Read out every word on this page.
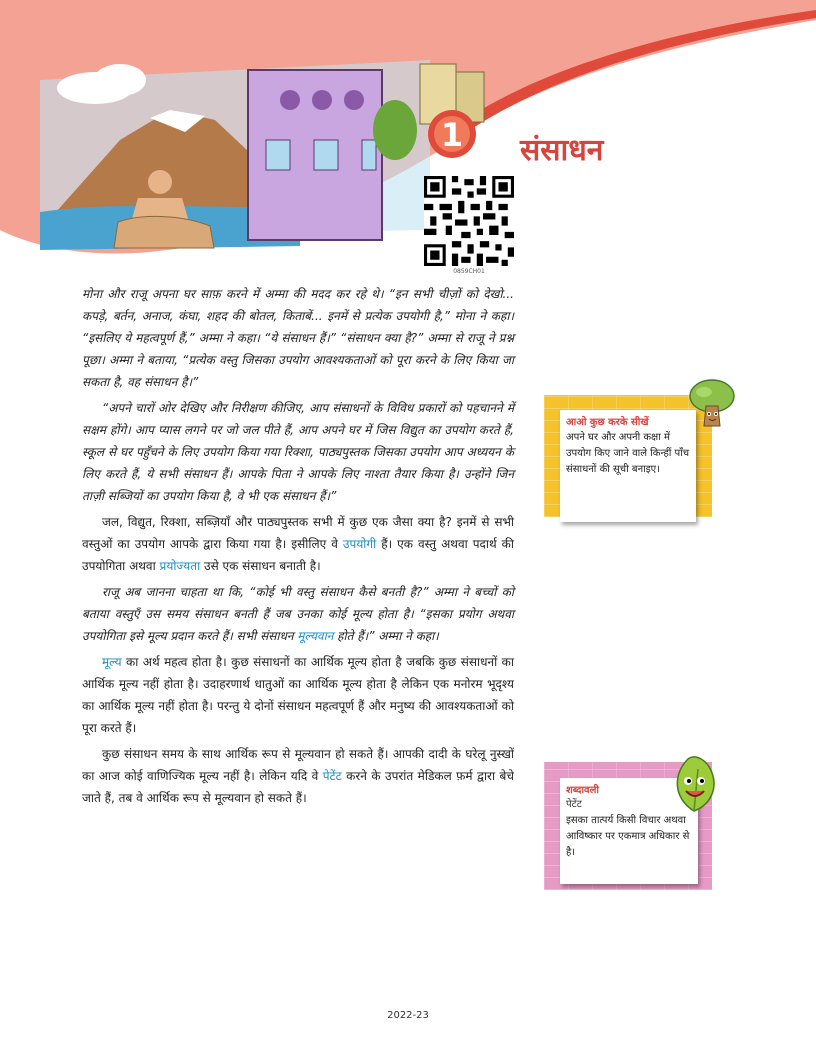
1 संसाधन
0859CH01

मोना और राजू अपना घर साफ़ करने में अम्मा की मदद कर रहे थे। “इन सभी चीज़ों को देखो... कपड़े, बर्तन, अनाज, कंघा, शहद की बोतल, किताबें... इनमें से प्रत्येक उपयोगी है,” मोना ने कहा। “इसलिए ये महत्वपूर्ण हैं,” अम्मा ने कहा। “ये संसाधन हैं।” “संसाधन क्या है?” अम्मा से राजू ने प्रश्न पूछा। अम्मा ने बताया, “प्रत्येक वस्तु जिसका उपयोग आवश्यकताओं को पूरा करने के लिए किया जा सकता है, वह संसाधन है।”

“अपने चारों ओर देखिए और निरीक्षण कीजिए, आप संसाधनों के विविध प्रकारों को पहचानने में सक्षम होंगे। आप प्यास लगने पर जो जल पीते हैं, आप अपने घर में जिस विद्युत का उपयोग करते हैं, स्कूल से घर पहुँचने के लिए उपयोग किया गया रिक्शा, पाठ्यपुस्तक जिसका उपयोग आप अध्ययन के लिए करते हैं, ये सभी संसाधन हैं। आपके पिता ने आपके लिए नाश्ता तैयार किया है। उन्होंने जिन ताज़ी सब्जियों का उपयोग किया है, वे भी एक संसाधन हैं।”

जल, विद्युत, रिक्शा, सब्ज़ियाँ और पाठ्यपुस्तक सभी में कुछ एक जैसा क्या है? इनमें से सभी वस्तुओं का उपयोग आपके द्वारा किया गया है। इसीलिए वे उपयोगी हैं। एक वस्तु अथवा पदार्थ की उपयोगिता अथवा प्रयोज्यता उसे एक संसाधन बनाती है।

राजू अब जानना चाहता था कि, “कोई भी वस्तु संसाधन कैसे बनती है?” अम्मा ने बच्चों को बताया वस्तुएँ उस समय संसाधन बनती हैं जब उनका कोई मूल्य होता है। “इसका प्रयोग अथवा उपयोगिता इसे मूल्य प्रदान करते हैं। सभी संसाधन मूल्यवान होते हैं।” अम्मा ने कहा।

मूल्य का अर्थ महत्व होता है। कुछ संसाधनों का आर्थिक मूल्य होता है जबकि कुछ संसाधनों का आर्थिक मूल्य नहीं होता है। उदाहरणार्थ धातुओं का आर्थिक मूल्य होता है लेकिन एक मनोरम भूदृश्य का आर्थिक मूल्य नहीं होता है। परन्तु ये दोनों संसाधन महत्वपूर्ण हैं और मनुष्य की आवश्यकताओं को पूरा करते हैं।

कुछ संसाधन समय के साथ आर्थिक रूप से मूल्यवान हो सकते हैं। आपकी दादी के घरेलू नुस्खों का आज कोई वाणिज्यिक मूल्य नहीं है। लेकिन यदि वे पेटेंट करने के उपरांत मेडिकल फ़र्म द्वारा बेचे जाते हैं, तब वे आर्थिक रूप से मूल्यवान हो सकते हैं।

आओ कुछ करके सीखें

अपने घर और अपनी कक्षा में उपयोग किए जाने वाले किन्हीं पाँच संसाधनों की सूची बनाइए।

शब्दावली

पेटेंट

इसका तात्पर्य किसी विचार अथवा आविष्कार पर एकमात्र अधिकार से है।

2022-23
